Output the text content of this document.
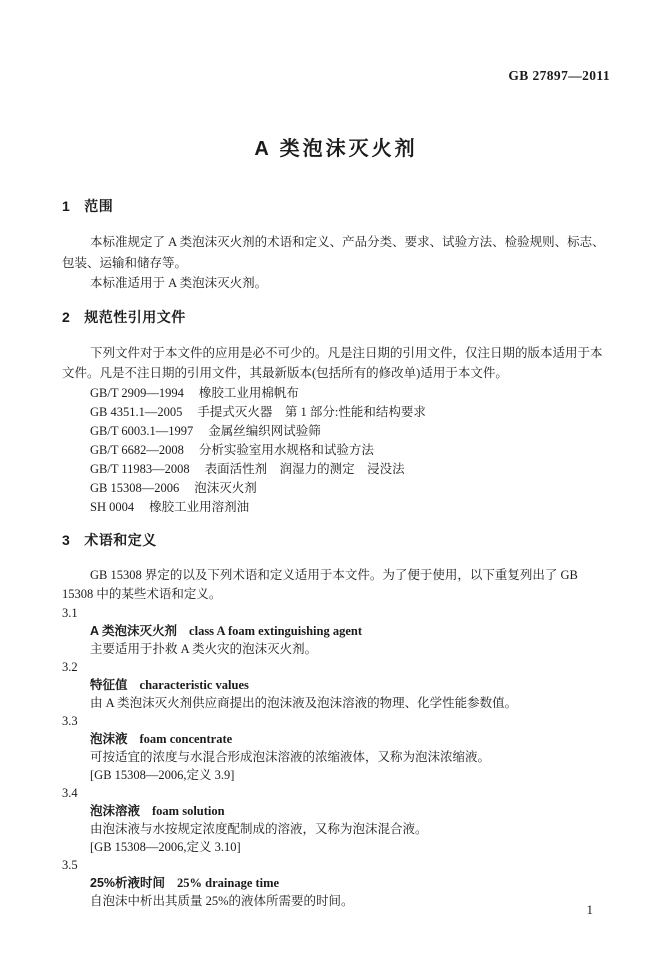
GB 27897—2011
A 类泡沫灭火剂
1 范围

本标准规定了 A 类泡沫灭火剂的术语和定义、产品分类、要求、试验方法、检验规则、标志、包装、运输和储存等。

本标准适用于 A 类泡沫灭火剂。

2 规范性引用文件

下列文件对于本文件的应用是必不可少的。凡是注日期的引用文件，仅注日期的版本适用于本文件。凡是不注日期的引用文件，其最新版本(包括所有的修改单)适用于本文件。

GB/T 2909—1994 橡胶工业用棉帆布

GB 4351.1—2005 手提式灭火器　第 1 部分:性能和结构要求

GB/T 6003.1—1997 金属丝编织网试验筛

GB/T 6682—2008 分析实验室用水规格和试验方法

GB/T 11983—2008 表面活性剂　润湿力的测定　浸没法

GB 15308—2006 泡沫灭火剂

SH 0004 橡胶工业用溶剂油

3 术语和定义

GB 15308 界定的以及下列术语和定义适用于本文件。为了便于使用，以下重复列出了 GB 15308 中的某些术语和定义。

3.1

A 类泡沫灭火剂 class A foam extinguishing agent

主要适用于扑救 A 类火灾的泡沫灭火剂。

3.2

特征值 characteristic values

由 A 类泡沫灭火剂供应商提出的泡沫液及泡沫溶液的物理、化学性能参数值。

3.3

泡沫液 foam concentrate

可按适宜的浓度与水混合形成泡沫溶液的浓缩液体，又称为泡沫浓缩液。

[GB 15308—2006,定义 3.9]

3.4

泡沫溶液 foam solution

由泡沫液与水按规定浓度配制成的溶液，又称为泡沫混合液。

[GB 15308—2006,定义 3.10]

3.5

25%析液时间 25% drainage time

自泡沫中析出其质量 25%的液体所需要的时间。

1
